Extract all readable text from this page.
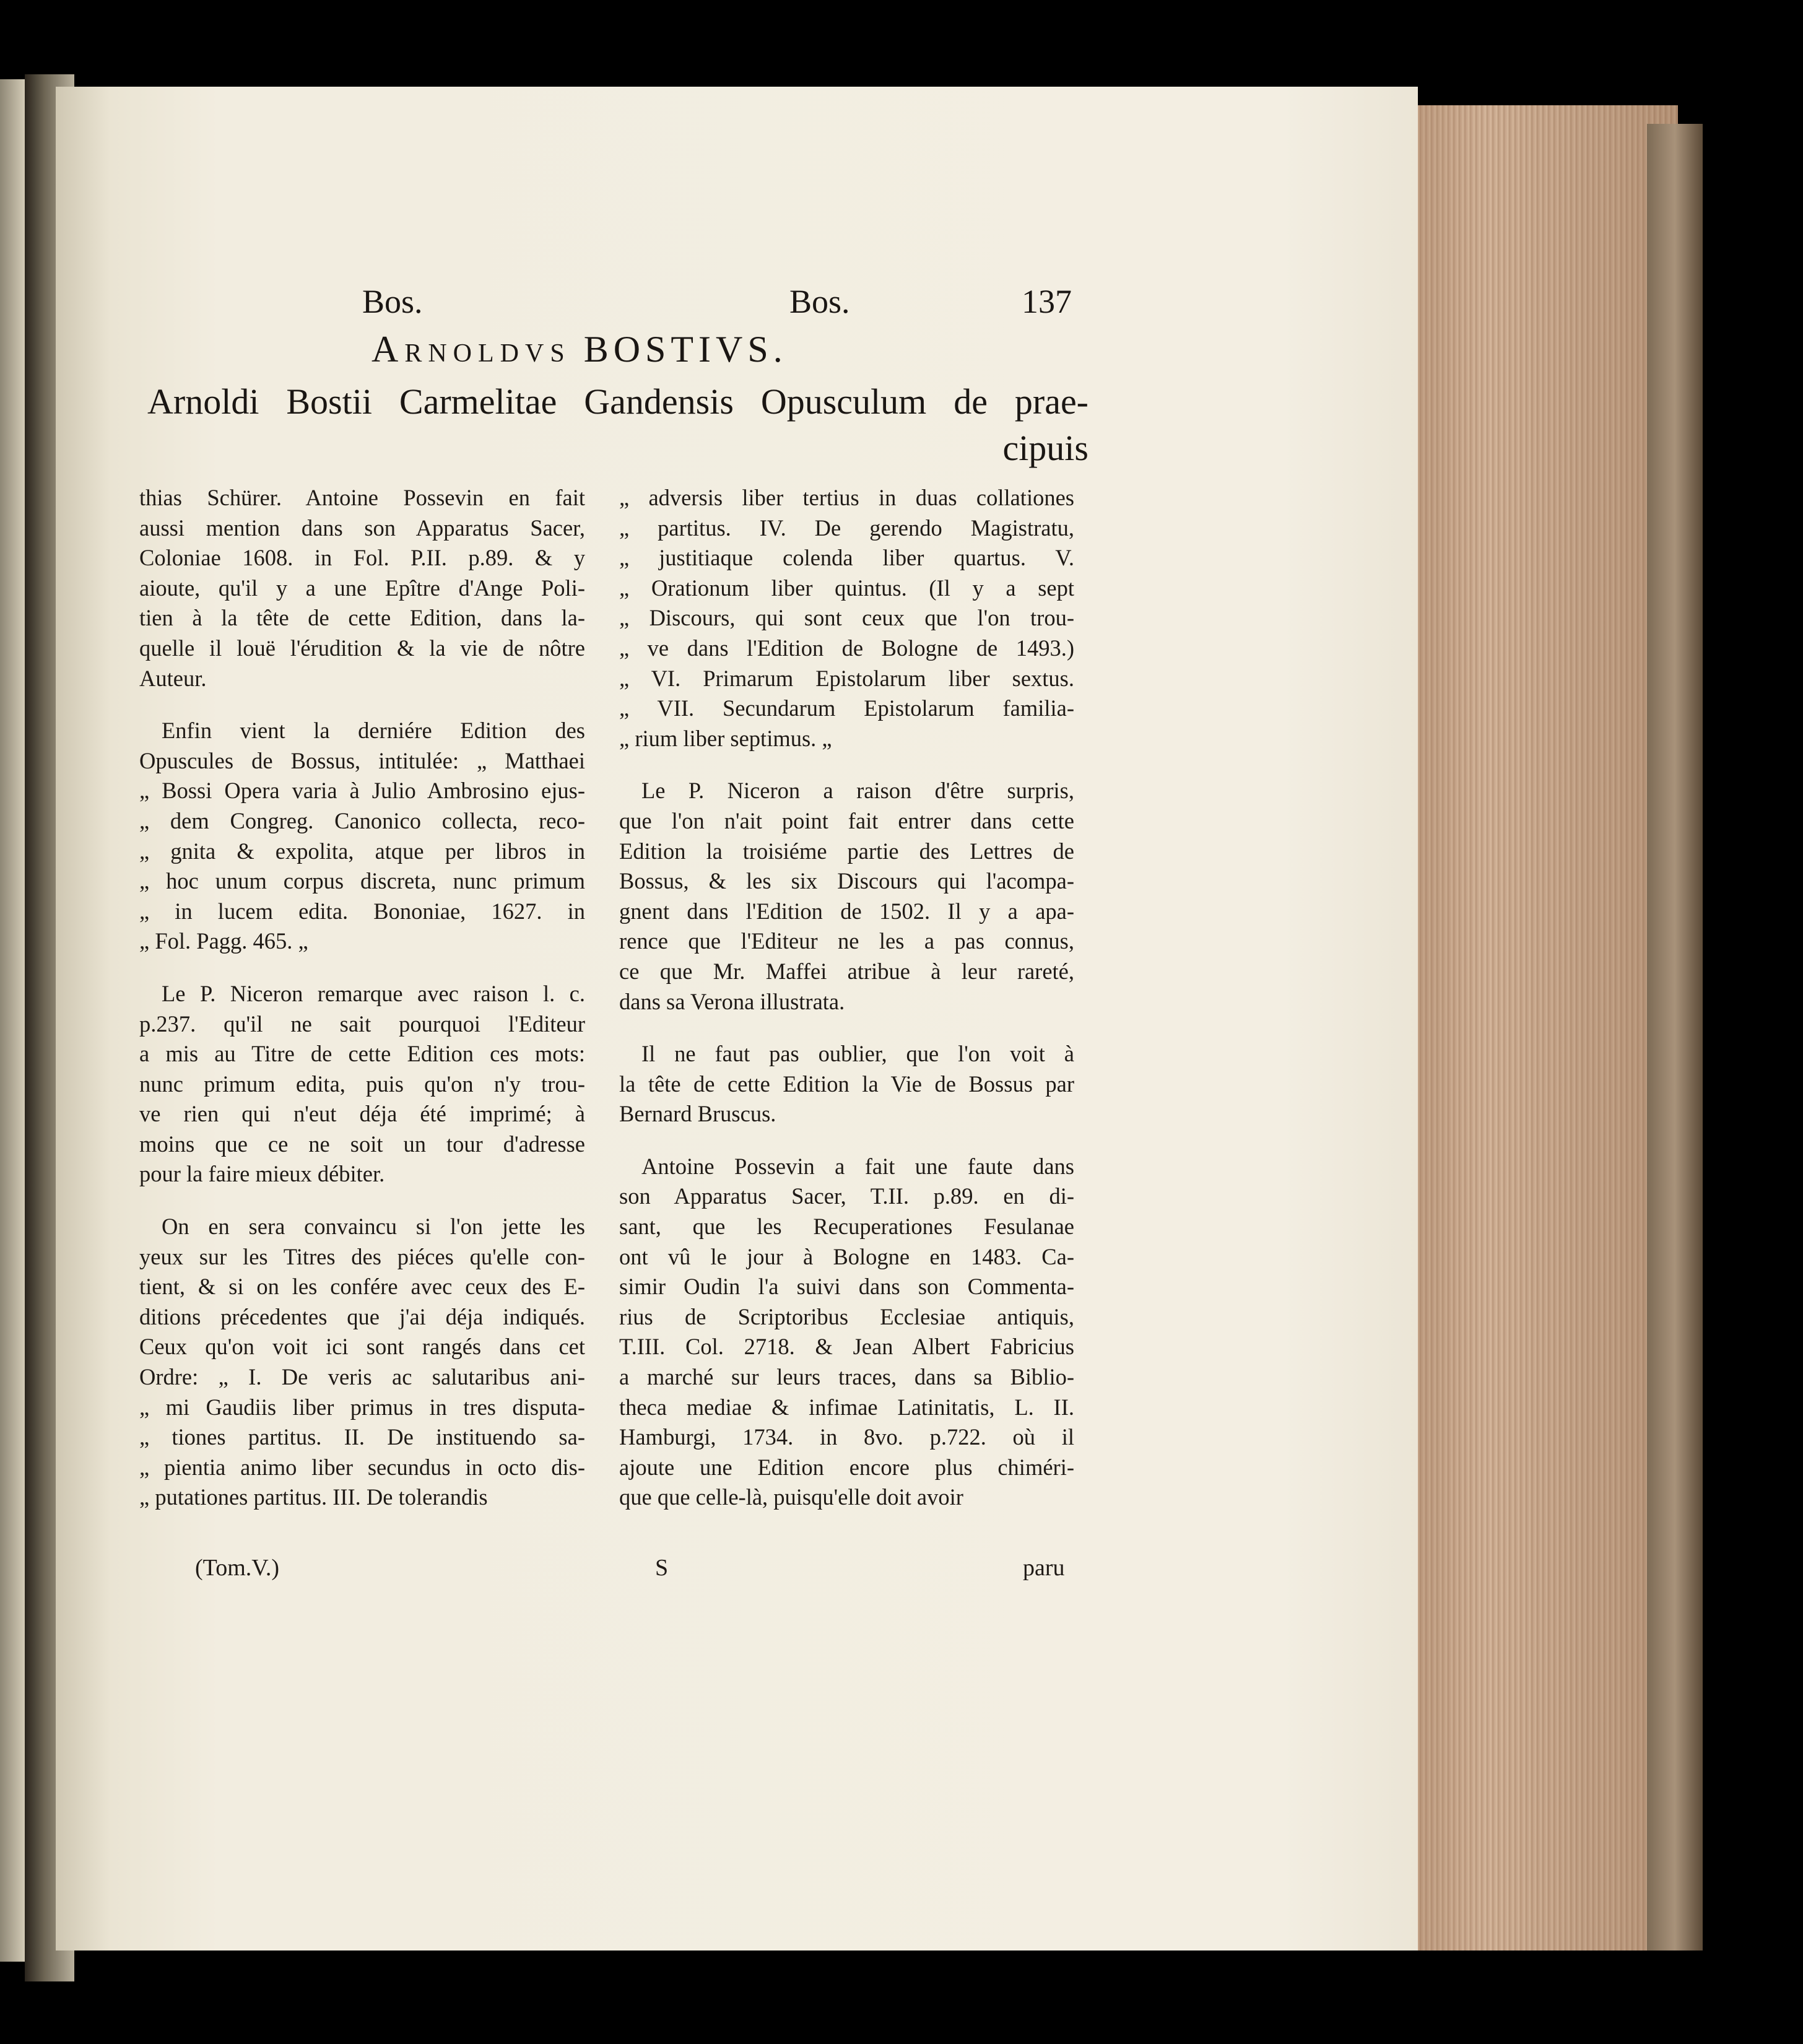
Bos.	Bos.	137
Arnoldvs BOSTIVS.
Arnoldi Bostii Carmelitae Gandensis Opusculum de prae-
cipuis

thias Schürer. Antoine Possevin en fait
aussi mention dans son Apparatus Sacer,
Coloniae 1608. in Fol. P.II. p.89. & y
aioute, qu'il y a une Epître d'Ange Poli-
tien à la tête de cette Edition, dans la-
quelle il louë l'érudition & la vie de nôtre
Auteur.

Enfin vient la derniére Edition des
Opuscules de Bossus, intitulée: „ Matthaei
„ Bossi Opera varia à Julio Ambrosino ejus-
„ dem Congreg. Canonico collecta, reco-
„ gnita & expolita, atque per libros in
„ hoc unum corpus discreta, nunc primum
„ in lucem edita. Bononiae, 1627. in
„ Fol. Pagg. 465. „

Le P. Niceron remarque avec raison l. c.
p.237. qu'il ne sait pourquoi l'Editeur
a mis au Titre de cette Edition ces mots:
nunc primum edita, puis qu'on n'y trou-
ve rien qui n'eut déja été imprimé; à
moins que ce ne soit un tour d'adresse
pour la faire mieux débiter.

On en sera convaincu si l'on jette les
yeux sur les Titres des piéces qu'elle con-
tient, & si on les confére avec ceux des E-
ditions précedentes que j'ai déja indiqués.
Ceux qu'on voit ici sont rangés dans cet
Ordre: „ I. De veris ac salutaribus ani-
„ mi Gaudiis liber primus in tres disputa-
„ tiones partitus. II. De instituendo sa-
„ pientia animo liber secundus in octo dis-
„ putationes partitus. III. De tolerandis

„ adversis liber tertius in duas collationes
„ partitus. IV. De gerendo Magistratu,
„ justitiaque colenda liber quartus. V.
„ Orationum liber quintus. (Il y a sept
„ Discours, qui sont ceux que l'on trou-
„ ve dans l'Edition de Bologne de 1493.)
„ VI. Primarum Epistolarum liber sextus.
„ VII. Secundarum Epistolarum familia-
„ rium liber septimus. „

Le P. Niceron a raison d'être surpris,
que l'on n'ait point fait entrer dans cette
Edition la troisiéme partie des Lettres de
Bossus, & les six Discours qui l'acompa-
gnent dans l'Edition de 1502. Il y a apa-
rence que l'Editeur ne les a pas connus,
ce que Mr. Maffei atribue à leur rareté,
dans sa Verona illustrata.

Il ne faut pas oublier, que l'on voit à
la tête de cette Edition la Vie de Bossus par
Bernard Bruscus.

Antoine Possevin a fait une faute dans
son Apparatus Sacer, T.II. p.89. en di-
sant, que les Recuperationes Fesulanae
ont vû le jour à Bologne en 1483. Ca-
simir Oudin l'a suivi dans son Commenta-
rius de Scriptoribus Ecclesiae antiquis,
T.III. Col. 2718. & Jean Albert Fabricius
a marché sur leurs traces, dans sa Biblio-
theca mediae & infimae Latinitatis, L. II.
Hamburgi, 1734. in 8vo. p.722. où il
ajoute une Edition encore plus chiméri-
que que celle-là, puisqu'elle doit avoir

(Tom.V.)	S	paru
